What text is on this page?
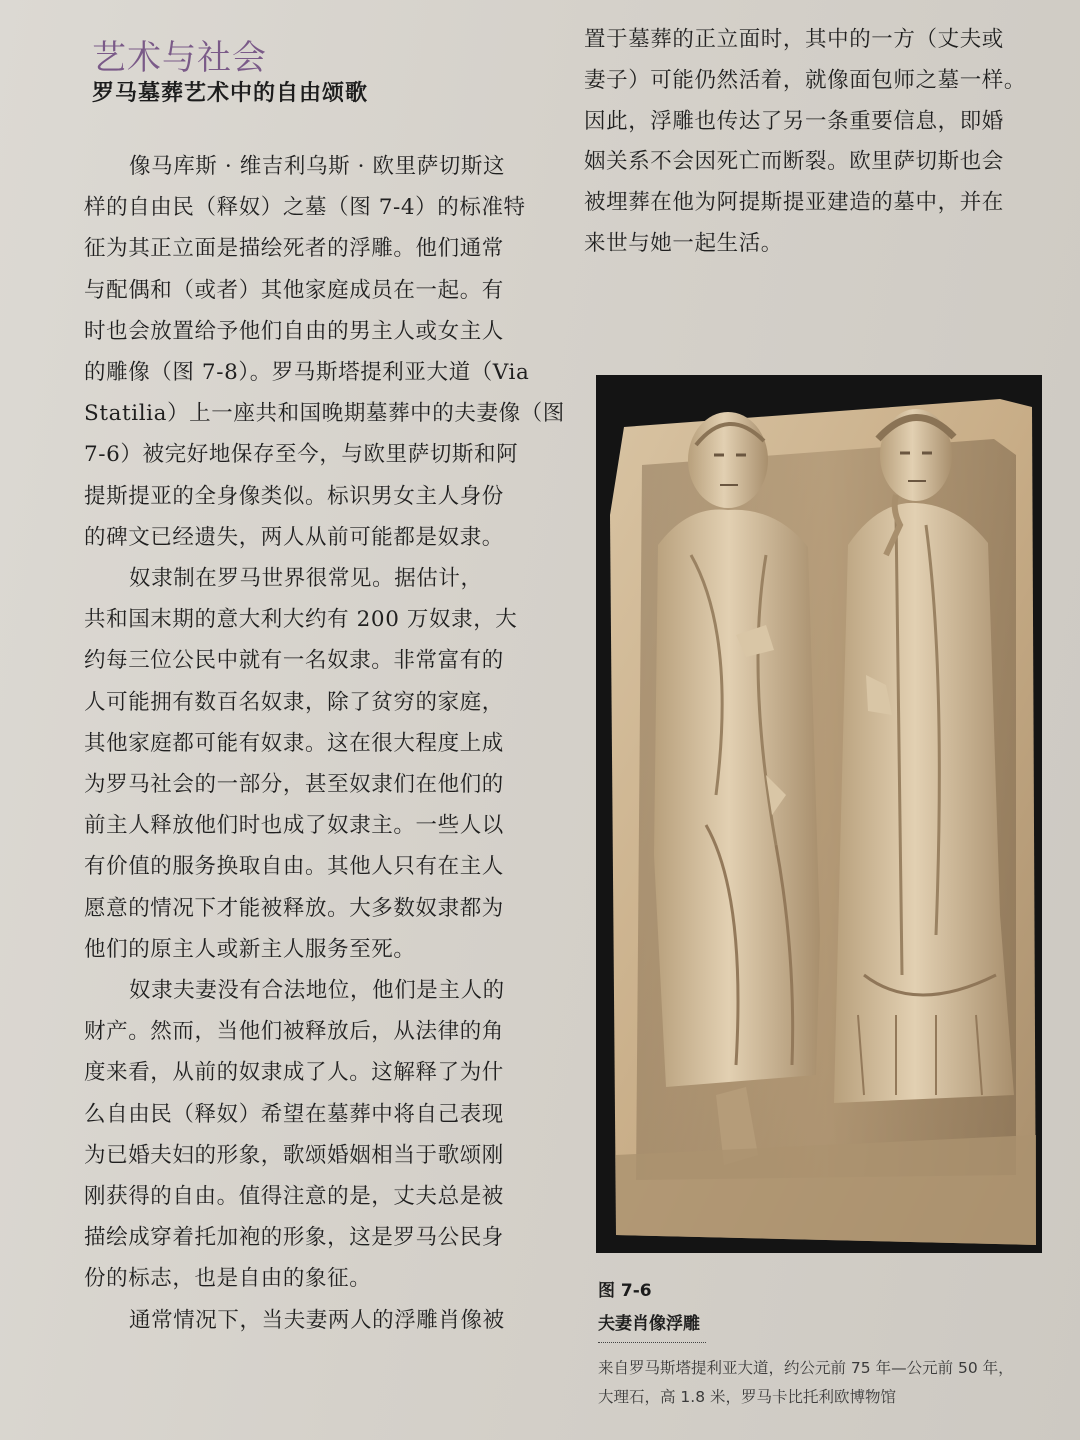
艺术与社会
罗马墓葬艺术中的自由颂歌
像马库斯 · 维吉利乌斯 · 欧里萨切斯这
样的自由民（释奴）之墓（图 7-4）的标准特
征为其正立面是描绘死者的浮雕。他们通常
与配偶和（或者）其他家庭成员在一起。有
时也会放置给予他们自由的男主人或女主人
的雕像（图 7-8）。罗马斯塔提利亚大道（Via
Statilia）上一座共和国晚期墓葬中的夫妻像（图
7-6）被完好地保存至今，与欧里萨切斯和阿
提斯提亚的全身像类似。标识男女主人身份
的碑文已经遗失，两人从前可能都是奴隶。
奴隶制在罗马世界很常见。据估计，
共和国末期的意大利大约有 200 万奴隶，大
约每三位公民中就有一名奴隶。非常富有的
人可能拥有数百名奴隶，除了贫穷的家庭，
其他家庭都可能有奴隶。这在很大程度上成
为罗马社会的一部分，甚至奴隶们在他们的
前主人释放他们时也成了奴隶主。一些人以
有价值的服务换取自由。其他人只有在主人
愿意的情况下才能被释放。大多数奴隶都为
他们的原主人或新主人服务至死。
奴隶夫妻没有合法地位，他们是主人的
财产。然而，当他们被释放后，从法律的角
度来看，从前的奴隶成了人。这解释了为什
么自由民（释奴）希望在墓葬中将自己表现
为已婚夫妇的形象，歌颂婚姻相当于歌颂刚
刚获得的自由。值得注意的是，丈夫总是被
描绘成穿着托加袍的形象，这是罗马公民身
份的标志，也是自由的象征。
通常情况下，当夫妻两人的浮雕肖像被
置于墓葬的正立面时，其中的一方（丈夫或
妻子）可能仍然活着，就像面包师之墓一样。
因此，浮雕也传达了另一条重要信息，即婚
姻关系不会因死亡而断裂。欧里萨切斯也会
被埋葬在他为阿提斯提亚建造的墓中，并在
来世与她一起生活。
图 7-6
夫妻肖像浮雕
来自罗马斯塔提利亚大道，约公元前 75 年—公元前 50 年，
大理石，高 1.8 米，罗马卡比托利欧博物馆
